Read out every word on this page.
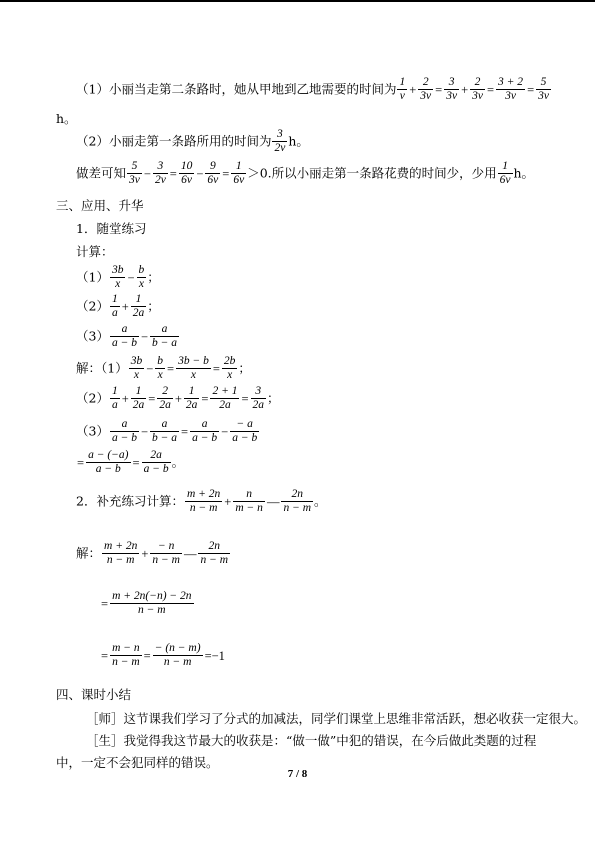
（1）小丽当走第二条路时，她从甲地到乙地需要的时间为 $\frac{1}{v} + \frac{2}{3v} = \frac{3}{3v} + \frac{2}{3v} = \frac{3 + 2}{3v} = \frac{5}{3v}$
h。
（2）小丽走第一条路所用的时间为 $\frac{3}{2v}$ h。
做差可知 $\frac{5}{3v} - \frac{3}{2v} = \frac{10}{6v} - \frac{9}{6v} = \frac{1}{6v} >0$.所以小丽走第一条路花费的时间少，少用 $\frac{1}{6v}$ h。
三、应用、升华
1．随堂练习
计算：
$(1) \frac{3b}{x} - \frac{b}{x}$ ；
$(2) \frac{1}{a} + \frac{1}{2a}$ ；
$(3) \frac{a}{a - b} - \frac{a}{b - a}$
解：$(1) \frac{3b}{x} - \frac{b}{x} = \frac{3b - b}{x} = \frac{2b}{x}$ ；
$(2) \frac{1}{a} + \frac{1}{2a} = \frac{2}{2a} + \frac{1}{2a} = \frac{2 + 1}{2a} = \frac{3}{2a}$ ；
$(3) \frac{a}{a - b} - \frac{a}{b - a} = \frac{a}{a - b} - \frac{- a}{a - b}$
= $\frac{a - (-a)}{a - b} = \frac{2a}{a - b}$ 。
2．补充练习计算： $\frac{m + 2n}{n - m} + \frac{n}{m - n}$ — $\frac{2n}{n - m}$ 。
解： $\frac{m + 2n}{n - m} + \frac{- n}{n - m}$ — $\frac{2n}{n - m}$
= $\frac{m + 2n(-n) - 2n}{n - m}$
= $\frac{m - n}{n - m} = \frac{- (n - m)}{n - m} =-1$
四、课时小结
［师］这节课我们学习了分式的加减法，同学们课堂上思维非常活跃，想必收获一定很大。
［生］我觉得我这节最大的收获是：“做一做”中犯的错误，在今后做此类题的过程
中，一定不会犯同样的错误。
7 / 8
